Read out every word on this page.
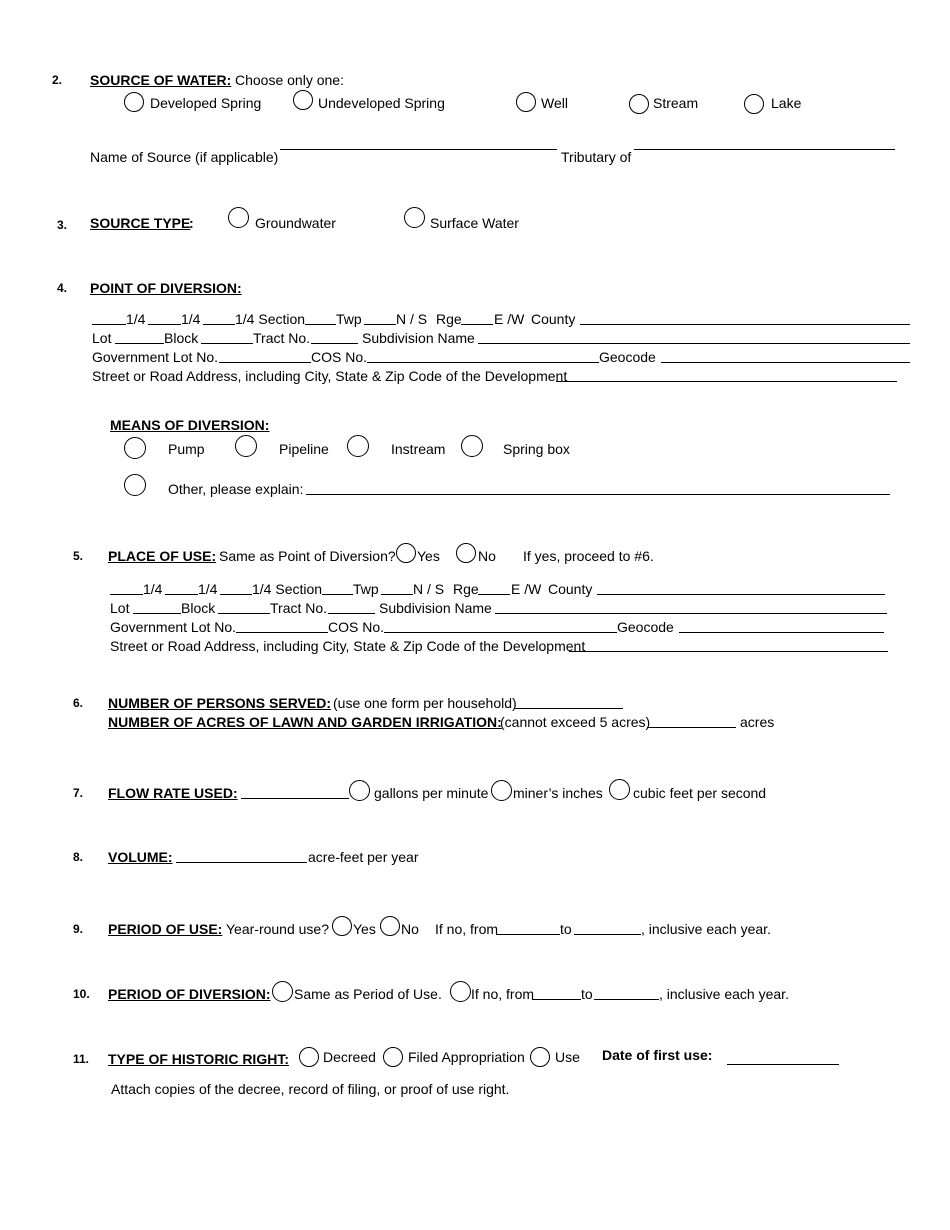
2. SOURCE OF WATER: Choose only one:
Developed Spring	Undeveloped Spring	Well	Stream	Lake
Name of Source (if applicable)	Tributary of
3. SOURCE TYPE
:	Groundwater	Surface Water
4. POINT OF DIVERSION:
1/4	1/4 1/4 Section Twp N / S Rge E /W County
Lot	Block	Tract No.	Subdivision Name
Government Lot No.	COS No.	Geocode
Street or Road Address, including City, State & Zip Code of the Development
MEANS OF DIVERSION:
Pump	Pipeline	Instream	Spring box
Other, please explain:
5. PLACE OF USE: Same as Point of Diversion? Yes	No If yes, proceed to #6.
1/4	1/4 1/4 Section Twp N / S Rge E /W County
Lot	Block	Tract No.	Subdivision Name
Government Lot No.	COS No.	Geocode
Street or Road Address, including City, State & Zip Code of the Development
6. NUMBER OF PERSONS SERVED: (use one form per household)
NUMBER OF ACRES OF LAWN AND GARDEN IRRIGATION:
(cannot exceed 5 acres)	acres
7. FLOW RATE USED:	gallons per minute miner’s inches cubic feet per second
8. VOLUME:	acre-feet per year
9. PERIOD OF USE: Year-round use? Yes No If no, from	to	, inclusive each year.
10. PERIOD OF DIVERSION: Same as Period of Use. If no, from	to	, inclusive each year.
11. TYPE OF HISTORIC RIGHT: Decreed Filed Appropriation Use Date of first use:
Attach copies of the decree, record of filing, or proof of use right.
